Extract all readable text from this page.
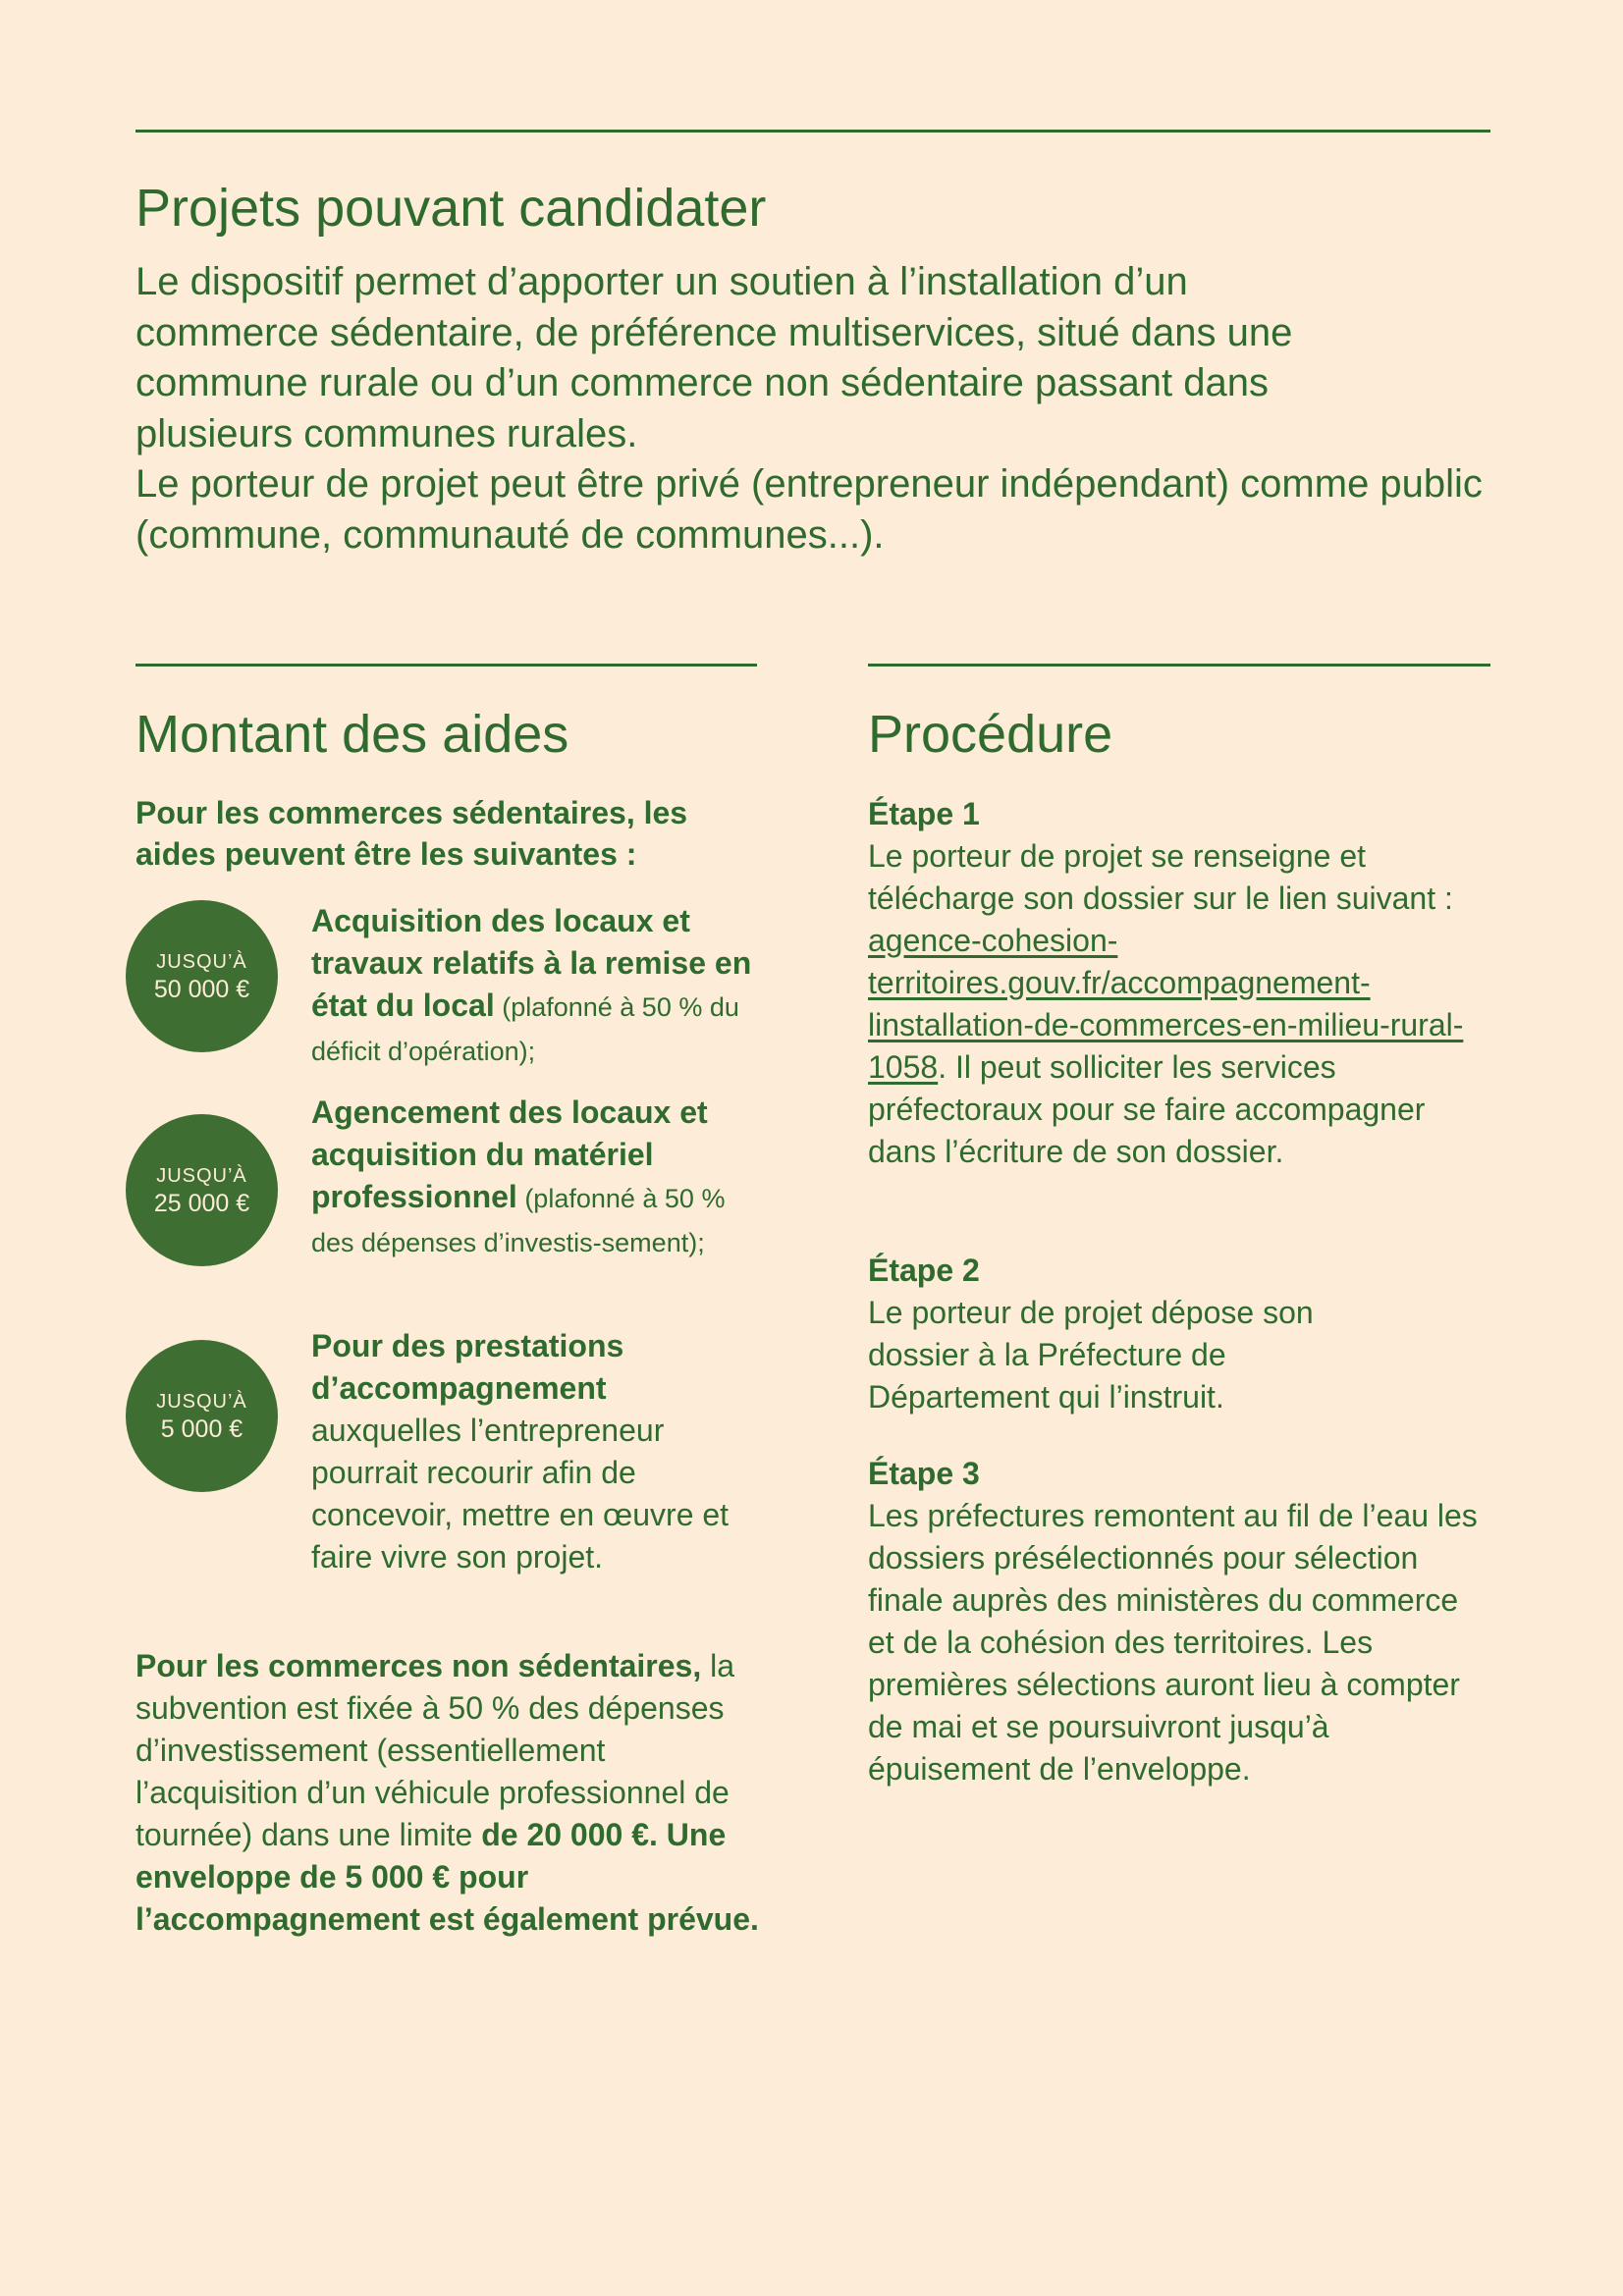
Projets pouvant candidater

Le dispositif permet d’apporter un soutien à l’installation d’un commerce sédentaire, de préférence multiservices, situé dans une commune rurale ou d’un commerce non sédentaire passant dans plusieurs communes rurales.

Le porteur de projet peut être privé (entrepreneur indépendant) comme public (commune, communauté de communes...).

Montant des aides
Pour les commerces sédentaires, les aides peuvent être les suivantes :
JUSQU’À
50 000 €
Acquisition des locaux et travaux relatifs à la remise en état du local (plafonné à 50 % du déficit d’opération);
JUSQU’À
25 000 €
Agencement des locaux et acquisition du matériel professionnel (plafonné à 50 % des dépenses d’investis-sement);
JUSQU’À
5 000 €
Pour des prestations d’accompagnement auxquelles l’entrepreneur pourrait recourir afin de concevoir, mettre en œuvre et faire vivre son projet.
Pour les commerces non sédentaires, la subvention est fixée à 50 % des dépenses d’investissement (essentiellement l’acquisition d’un véhicule professionnel de tournée) dans une limite de 20 000 €. Une enveloppe de 5 000 € pour l’accompagnement est également prévue.
Procédure
Étape 1
Le porteur de projet se renseigne et télécharge son dossier sur le lien suivant : agence-cohesion-territoires.gouv.fr/accompagnement-linstallation-de-commerces-en-milieu-rural-1058. Il peut solliciter les services préfectoraux pour se faire accompagner dans l’écriture de son dossier.
Étape 2
Le porteur de projet dépose son dossier à la Préfecture de Département qui l’instruit.
Étape 3
Les préfectures remontent au fil de l’eau les dossiers présélectionnés pour sélection finale auprès des ministères du commerce et de la cohésion des territoires. Les premières sélections auront lieu à compter de mai et se poursuivront jusqu’à épuisement de l’enveloppe.
